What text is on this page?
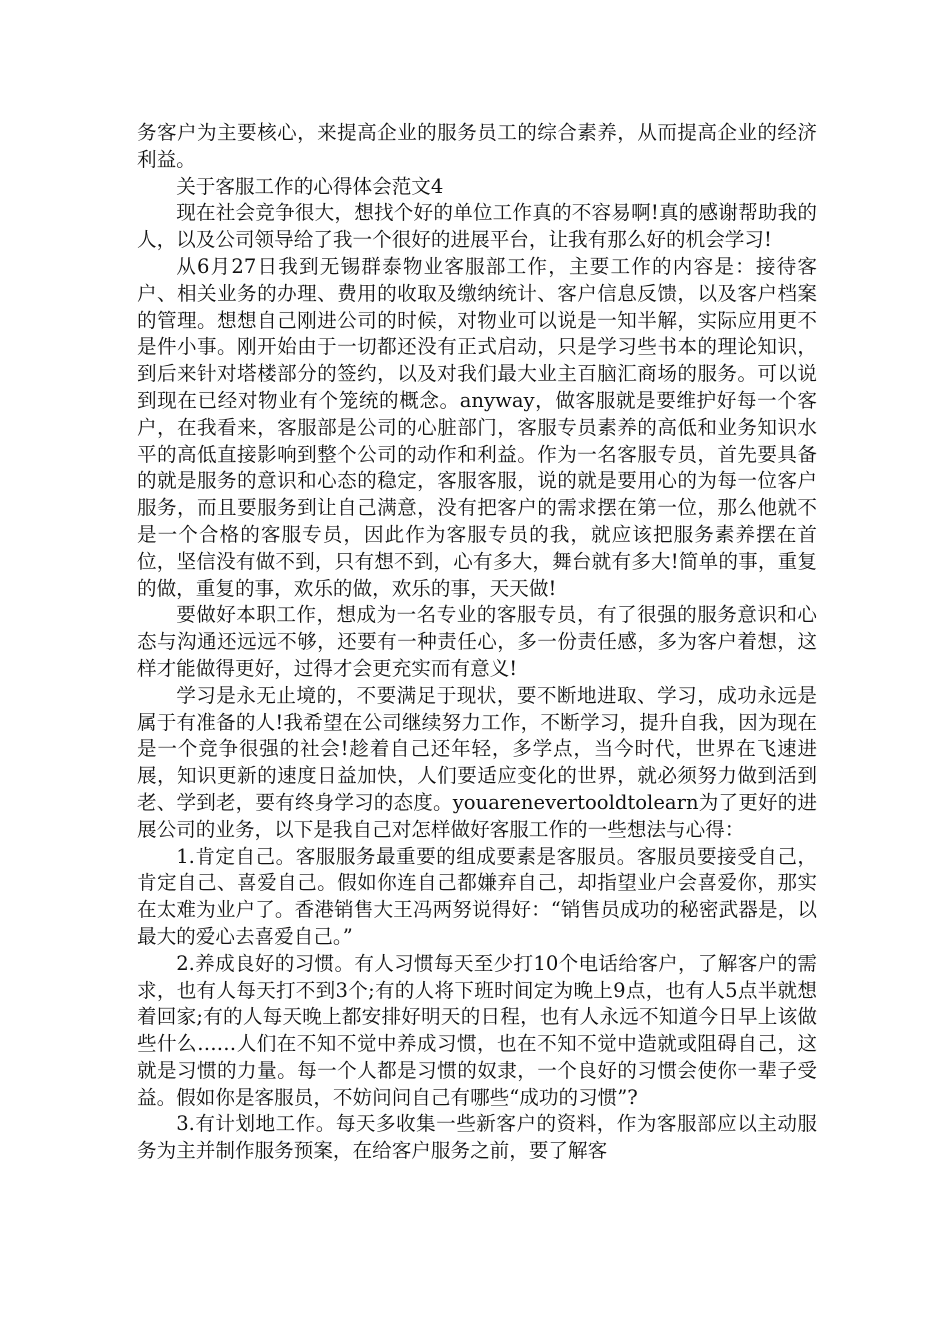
务客户为主要核心，来提高企业的服务员工的综合素养，从而提高企业的经济利益。

关于客服工作的心得体会范文4

现在社会竞争很大，想找个好的单位工作真的不容易啊!真的感谢帮助我的人，以及公司领导给了我一个很好的进展平台，让我有那么好的机会学习!

从6月27日我到无锡群泰物业客服部工作，主要工作的内容是：接待客户、相关业务的办理、费用的收取及缴纳统计、客户信息反馈，以及客户档案的管理。想想自己刚进公司的时候，对物业可以说是一知半解，实际应用更不是件小事。刚开始由于一切都还没有正式启动，只是学习些书本的理论知识，到后来针对塔楼部分的签约，以及对我们最大业主百脑汇商场的服务。可以说到现在已经对物业有个笼统的概念。anyway，做客服就是要维护好每一个客户，在我看来，客服部是公司的心脏部门，客服专员素养的高低和业务知识水平的高低直接影响到整个公司的动作和利益。作为一名客服专员，首先要具备的就是服务的意识和心态的稳定，客服客服，说的就是要用心的为每一位客户服务，而且要服务到让自己满意，没有把客户的需求摆在第一位，那么他就不是一个合格的客服专员，因此作为客服专员的我，就应该把服务素养摆在首位，坚信没有做不到，只有想不到，心有多大，舞台就有多大!简单的事，重复的做，重复的事，欢乐的做，欢乐的事，天天做!

要做好本职工作，想成为一名专业的客服专员，有了很强的服务意识和心态与沟通还远远不够，还要有一种责任心，多一份责任感，多为客户着想，这样才能做得更好，过得才会更充实而有意义!

学习是永无止境的，不要满足于现状，要不断地进取、学习，成功永远是属于有准备的人!我希望在公司继续努力工作，不断学习，提升自我，因为现在是一个竞争很强的社会!趁着自己还年轻，多学点，当今时代，世界在飞速进展，知识更新的速度日益加快，人们要适应变化的世界，就必须努力做到活到老、学到老，要有终身学习的态度。youarenevertooldtolearn为了更好的进展公司的业务，以下是我自己对怎样做好客服工作的一些想法与心得：

1.肯定自己。客服服务最重要的组成要素是客服员。客服员要接受自己，肯定自己、喜爱自己。假如你连自己都嫌弃自己，却指望业户会喜爱你，那实在太难为业户了。香港销售大王冯两努说得好：“销售员成功的秘密武器是，以最大的爱心去喜爱自己。”

2.养成良好的习惯。有人习惯每天至少打10个电话给客户，了解客户的需求，也有人每天打不到3个;有的人将下班时间定为晚上9点，也有人5点半就想着回家;有的人每天晚上都安排好明天的日程，也有人永远不知道今日早上该做些什么……人们在不知不觉中养成习惯，也在不知不觉中造就或阻碍自己，这就是习惯的力量。每一个人都是习惯的奴隶，一个良好的习惯会使你一辈子受益。假如你是客服员，不妨问问自己有哪些“成功的习惯”?

3.有计划地工作。每天多收集一些新客户的资料，作为客服部应以主动服务为主并制作服务预案，在给客户服务之前，要了解客
